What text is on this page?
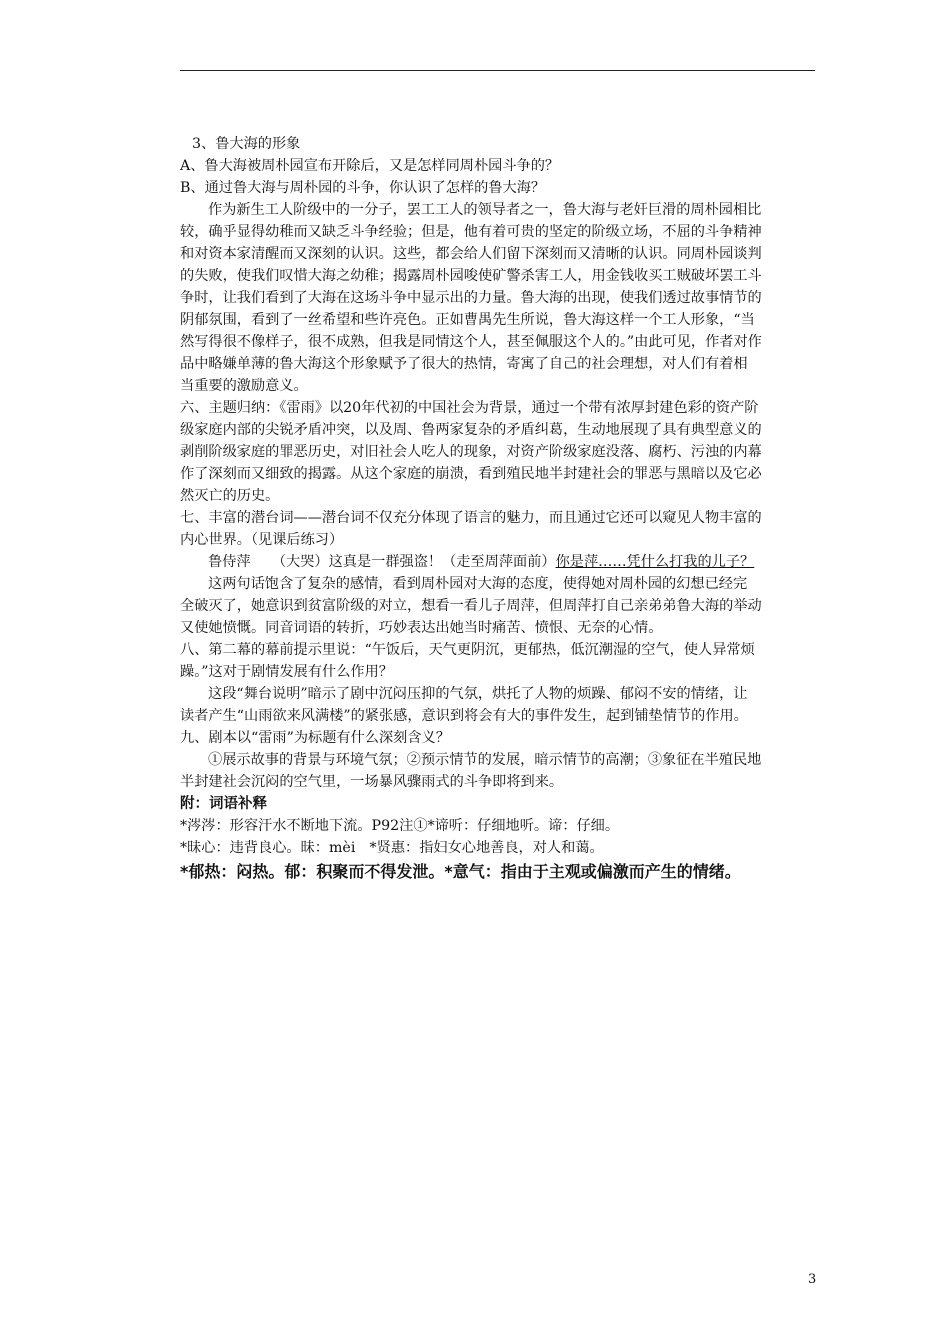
3、鲁大海的形象
A、鲁大海被周朴园宣布开除后，又是怎样同周朴园斗争的？
B、通过鲁大海与周朴园的斗争，你认识了怎样的鲁大海？
作为新生工人阶级中的一分子，罢工工人的领导者之一，鲁大海与老奸巨滑的周朴园相比
较，确乎显得幼稚而又缺乏斗争经验；但是，他有着可贵的坚定的阶级立场，不屈的斗争精神
和对资本家清醒而又深刻的认识。这些，都会给人们留下深刻而又清晰的认识。同周朴园谈判
的失败，使我们叹惜大海之幼稚；揭露周朴园唆使矿警杀害工人，用金钱收买工贼破坏罢工斗
争时，让我们看到了大海在这场斗争中显示出的力量。鲁大海的出现，使我们透过故事情节的
阴郁氛围，看到了一丝希望和些许亮色。正如曹禺先生所说，鲁大海这样一个工人形象，“当
然写得很不像样子，很不成熟，但我是同情这个人，甚至佩服这个人的。”由此可见，作者对作
品中略嫌单薄的鲁大海这个形象赋予了很大的热情，寄寓了自己的社会理想，对人们有着相
当重要的激励意义。
六、主题归纳：《雷雨》以20年代初的中国社会为背景，通过一个带有浓厚封建色彩的资产阶
级家庭内部的尖锐矛盾冲突，以及周、鲁两家复杂的矛盾纠葛，生动地展现了具有典型意义的
剥削阶级家庭的罪恶历史，对旧社会人吃人的现象，对资产阶级家庭没落、腐朽、污浊的内幕
作了深刻而又细致的揭露。从这个家庭的崩溃，看到殖民地半封建社会的罪恶与黑暗以及它必
然灭亡的历史。
七、丰富的潜台词——潜台词不仅充分体现了语言的魅力，而且通过它还可以窥见人物丰富的
内心世界。（见课后练习）
鲁侍萍　　（大哭）这真是一群强盗！（走至周萍面前）你是萍……凭什么打我的儿子？
这两句话饱含了复杂的感情，看到周朴园对大海的态度，使得她对周朴园的幻想已经完
全破灭了，她意识到贫富阶级的对立，想看一看儿子周萍，但周萍打自己亲弟弟鲁大海的举动
又使她愤慨。同音词语的转折，巧妙表达出她当时痛苦、愤恨、无奈的心情。
八、第二幕的幕前提示里说：“午饭后，天气更阴沉，更郁热，低沉潮湿的空气，使人异常烦
躁。”这对于剧情发展有什么作用？
这段“舞台说明”暗示了剧中沉闷压抑的气氛，烘托了人物的烦躁、郁闷不安的情绪，让
读者产生“山雨欲来风满楼”的紧张感，意识到将会有大的事件发生，起到铺垫情节的作用。
九、剧本以“雷雨”为标题有什么深刻含义？
①展示故事的背景与环境气氛；②预示情节的发展，暗示情节的高潮；③象征在半殖民地
半封建社会沉闷的空气里，一场暴风骤雨式的斗争即将到来。
附：词语补释
*涔涔：形容汗水不断地下流。P92注①*谛听：仔细地听。谛：仔细。
*昧心：违背良心。昧：mèi　*贤惠：指妇女心地善良，对人和蔼。
*郁热：闷热。郁：积聚而不得发泄。*意气：指由于主观或偏激而产生的情绪。
3
